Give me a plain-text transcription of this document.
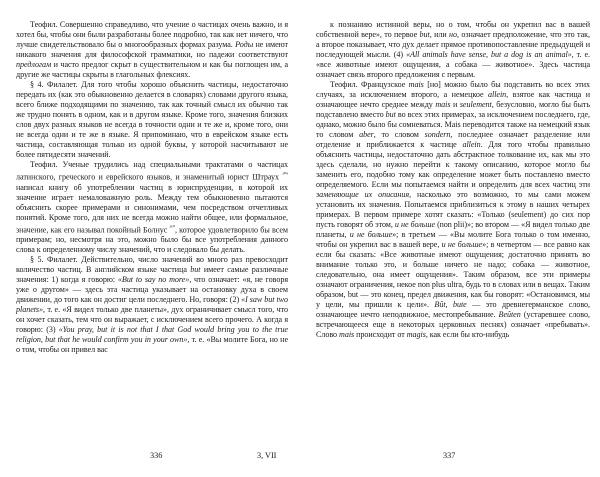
Теофил. Совершенно справедливо, что учение о частицах очень важно, и я хотел бы, чтобы они были разработаны более подробно, так как нет ничего, что лучше свидетельствовало бы о многообразных формах разума. Роды не имеют никакого значения для философской грамматики, но падежи соответствуют предлогам и часто предлог скрыт в существительном и как бы поглощен им, а другие же частицы скрыты в глагольных флексиях.

§ 4. Филалет. Для того чтобы хорошо объяснить частицы, недостаточно передать их (как это обыкновенно делается в словарях) словами другого языка, всего ближе подходящими по значению, так как точный смысл их обычно так же трудно понять в одном, как и в другом языке. Кроме того, значения близких слов двух разных языков не всегда в точности одни и те же и, кроме того, они не всегда одни и те же в языке. Я припоминаю, что в еврейском языке есть частица, составляющая только из одной буквы, у которой насчитывают не более пятидесяти значений.

Теофил. Ученые трудились над специальными трактатами о частицах латинского, греческого и еврейского языков, и знаменитый юрист Штраух $^{^{309}}$ написал книгу об употреблении частиц в юриспруденции, в которой их значение играет немаловажную роль. Между тем обыкновенно пытаются объяснить скорее примерами и синонимами, чем посредством отчетливых понятий. Кроме того, для них не всегда можно найти общее, или формальное, значение, как его называл покойный Болнус $^{^{310}}$, которое удовлетворило бы всем примерам; но, несмотря на это, можно было бы все употребления данного слова к определенному числу значений, что и следовало бы делать.

§ 5. Филалет. Действительно, число значений во много раз превосходит количество частиц. В английском языке частица but имеет самые различные значения: 1) когда я говорю: «But to say no more», что означает: «я, не говоря уже о другом» — здесь эта частица указывает на остановку духа в своем движении, до того как он достиг цели последнего. Но, говоря: (2) «I saw but two planets», т. е. «Я видел только две планеты», дух ограничивает смысл того, что он хочет сказать, тем что он выражает, с исключением всего прочего. А когда я говорю: (3) «You pray, but it is not that I that God would bring you to the true religion, but that he would confirm you in your own», т. е. «Вы молите Бога, но не о том, чтобы он привел вас

336	3, VII

к познанию истинной веры, но о том, чтобы он укрепил вас в вашей собственной вере», то первое but, или но, означает предположение, что это так, а второе показывает, что дух делает прямое противопоставление предыдущей и последующей мысли. (4) «All animals have sense, but a dog is an animal», т. е. «все животные имеют ощущения, а собака — животное». Здесь частица означает связь второго предложения с первым.

Теофил. Французское mais [но] можно было бы подставить во всех этих случаях, за исключением второго, а немецкое allein, взятое как частица и означающее нечто среднее между mais и seulement, безусловно, могло бы быть подставлено вместо but во всех этих примерах, за исключением последнего, где, однако, можно было бы сомневаться. Mais переводится также на немецкий язык то словом aber, то словом sondern, последнее означает разделение или отделение и приближается к частице allein. Для того чтобы правильно объяснить частицы, недостаточно дать абстрактное толкование их, как мы это здесь сделали, но нужно перейти к такому описанию, которое могло бы заменить его, подобно тому как определение может быть поставлено вместо определяемого. Если мы попытаемся найти и определить для всех частиц эти заменяющие их описания, насколько это возможно, то мы сами можем установить их значения. Попытаемся приблизиться к этому в наших четырех примерах. В первом примере хотят сказать: «Только (seulement) до сих пор пусть говорят об этом, и не больше (non plii)»; во втором — «Я видел только две планеты, и не больше»; в третьем — «Вы молите Бога только о том именно, чтобы он укрепил вас в вашей вере, и не больше»; в четвертом — все равно как если бы сказать: «Все животные имеют ощущения; достаточно принять во внимание только это, и больше ничего не надо; собака — животное, следовательно, она имеет ощущения». Таким образом, все эти примеры означают ограничения, некое non plus ultra, будь то в словах или в вещах. Таким образом, but — это конец, предел движения, как бы говорят: «Остановимся, мы у цели, мы пришли к цели». Bût, bute — это древнегерманское слово, означающее нечто неподвижное, местопребывание. Beûten (устаревшее слово, встречающееся еще в некоторых церковных песнях) означает «пребывать». Слово mais происходит от magis, как если бы кто-нибудь

337
